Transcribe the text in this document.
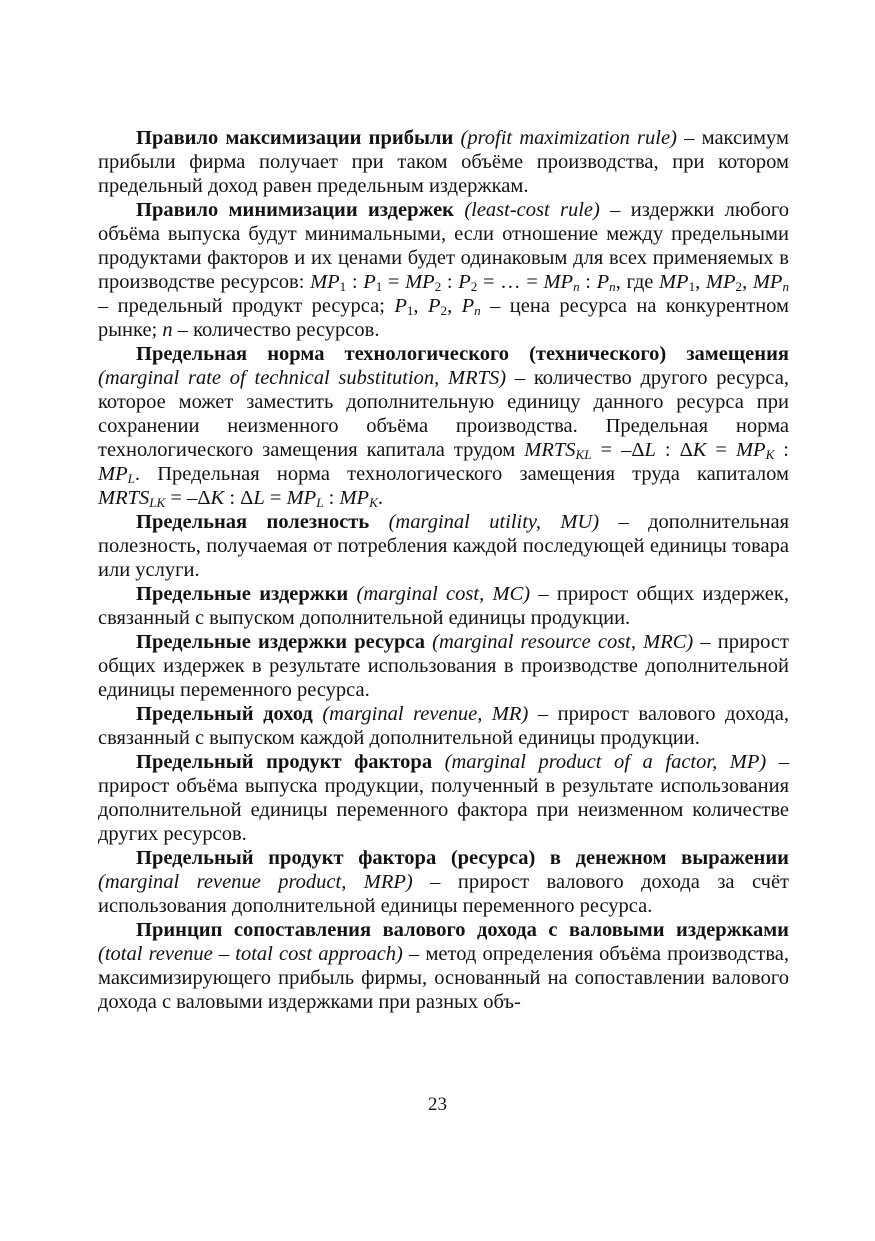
Правило максимизации прибыли (profit maximization rule) – максимум прибыли фирма получает при таком объёме производства, при котором предельный доход равен предельным издержкам.

Правило минимизации издержек (least-cost rule) – издержки любого объёма выпуска будут минимальными, если отношение между предельными продуктами факторов и их ценами будет одинаковым для всех применяемых в производстве ресурсов: $MP_1$ : $P_1 = MP_2$ : $P_2$ = … = $MP_n$ : $P_n$, где $MP_1$, $MP_2$, $MP_n$ – предельный продукт ресурса; $P_1$, $P_2$, $P_n$ – цена ресурса на конкурентном рынке; n – количество ресурсов.

Предельная норма технологического (технического) замещения (marginal rate of technical substitution, MRTS) – количество другого ресурса, которое может заместить дополнительную единицу данного ресурса при сохранении неизменного объёма производства. Предельная норма технологического замещения капитала трудом $MRTS_{KL} = -\Delta L$ : $\Delta K = MP_K$ : $MP_L$. Предельная норма технологического замещения труда капиталом $MRTS_{LK} = -\Delta K$ : $\Delta L = MP_L$ : $MP_K$.

Предельная полезность (marginal utility, MU) – дополнительная полезность, получаемая от потребления каждой последующей единицы товара или услуги.

Предельные издержки (marginal cost, MC) – прирост общих издержек, связанный с выпуском дополнительной единицы продукции.

Предельные издержки ресурса (marginal resource cost, MRC) – прирост общих издержек в результате использования в производстве дополнительной единицы переменного ресурса.

Предельный доход (marginal revenue, MR) – прирост валового дохода, связанный с выпуском каждой дополнительной единицы продукции.

Предельный продукт фактора (marginal product of a factor, MP) – прирост объёма выпуска продукции, полученный в результате использования дополнительной единицы переменного фактора при неизменном количестве других ресурсов.

Предельный продукт фактора (ресурса) в денежном выражении (marginal revenue product, MRP) – прирост валового дохода за счёт использования дополнительной единицы переменного ресурса.

Принцип сопоставления валового дохода с валовыми издержками (total revenue – total cost approach) – метод определения объёма производства, максимизирующего прибыль фирмы, основанный на сопоставлении валового дохода с валовыми издержками при разных объ-

23
